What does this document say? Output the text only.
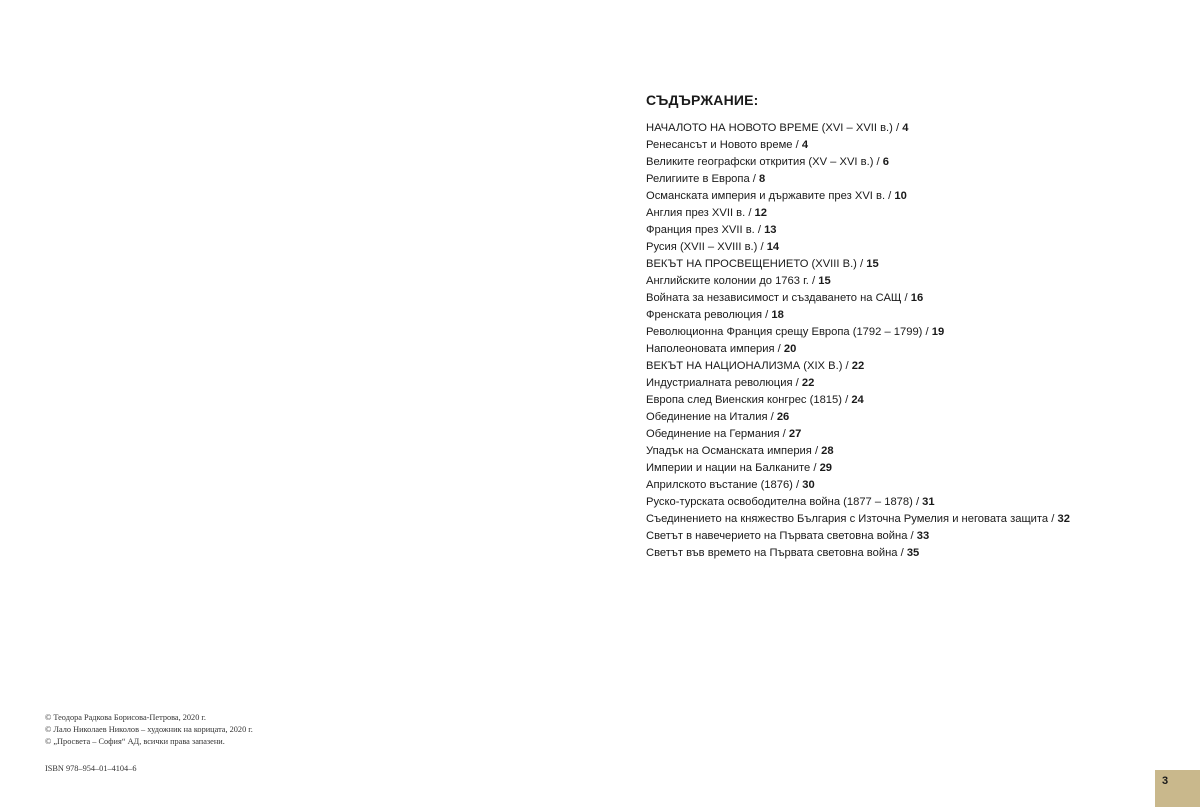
СЪДЪРЖАНИЕ:
НАЧАЛОТО НА НОВОТО ВРЕМЕ (XVI – XVII в.) / 4
Ренесансът и Новото време / 4
Великите географски открития (XV – XVI в.) / 6
Религиите в Европа / 8
Османската империя и държавите през XVI в. / 10
Англия през XVII в. / 12
Франция през XVII в. / 13
Русия (XVII – XVIII в.) / 14
ВЕКЪТ НА ПРОСВЕЩЕНИЕТО (XVIII В.) / 15
Английските колонии до 1763 г. / 15
Войната за независимост и създаването на САЩ / 16
Френската революция / 18
Революционна Франция срещу Европа (1792 – 1799) / 19
Наполеоновата империя / 20
ВЕКЪТ НА НАЦИОНАЛИЗМА (XIX В.) / 22
Индустриалната революция / 22
Европа след Виенския конгрес (1815) / 24
Обединение на Италия / 26
Обединение на Германия / 27
Упадък на Османската империя / 28
Империи и нации на Балканите / 29
Априлското въстание (1876) / 30
Руско-турската освободителна война (1877 – 1878) / 31
Съединението на княжество България с Източна Румелия и неговата защита / 32
Светът в навечерието на Първата световна война / 33
Светът във времето на Първата световна война / 35
© Теодора Радкова Борисова-Петрова, 2020 г.
© Лало Николаев Николов – художник на корицата, 2020 г.
© „Просвета – София“ АД, всички права запазени.
ISBN 978–954–01–4104–6
3
